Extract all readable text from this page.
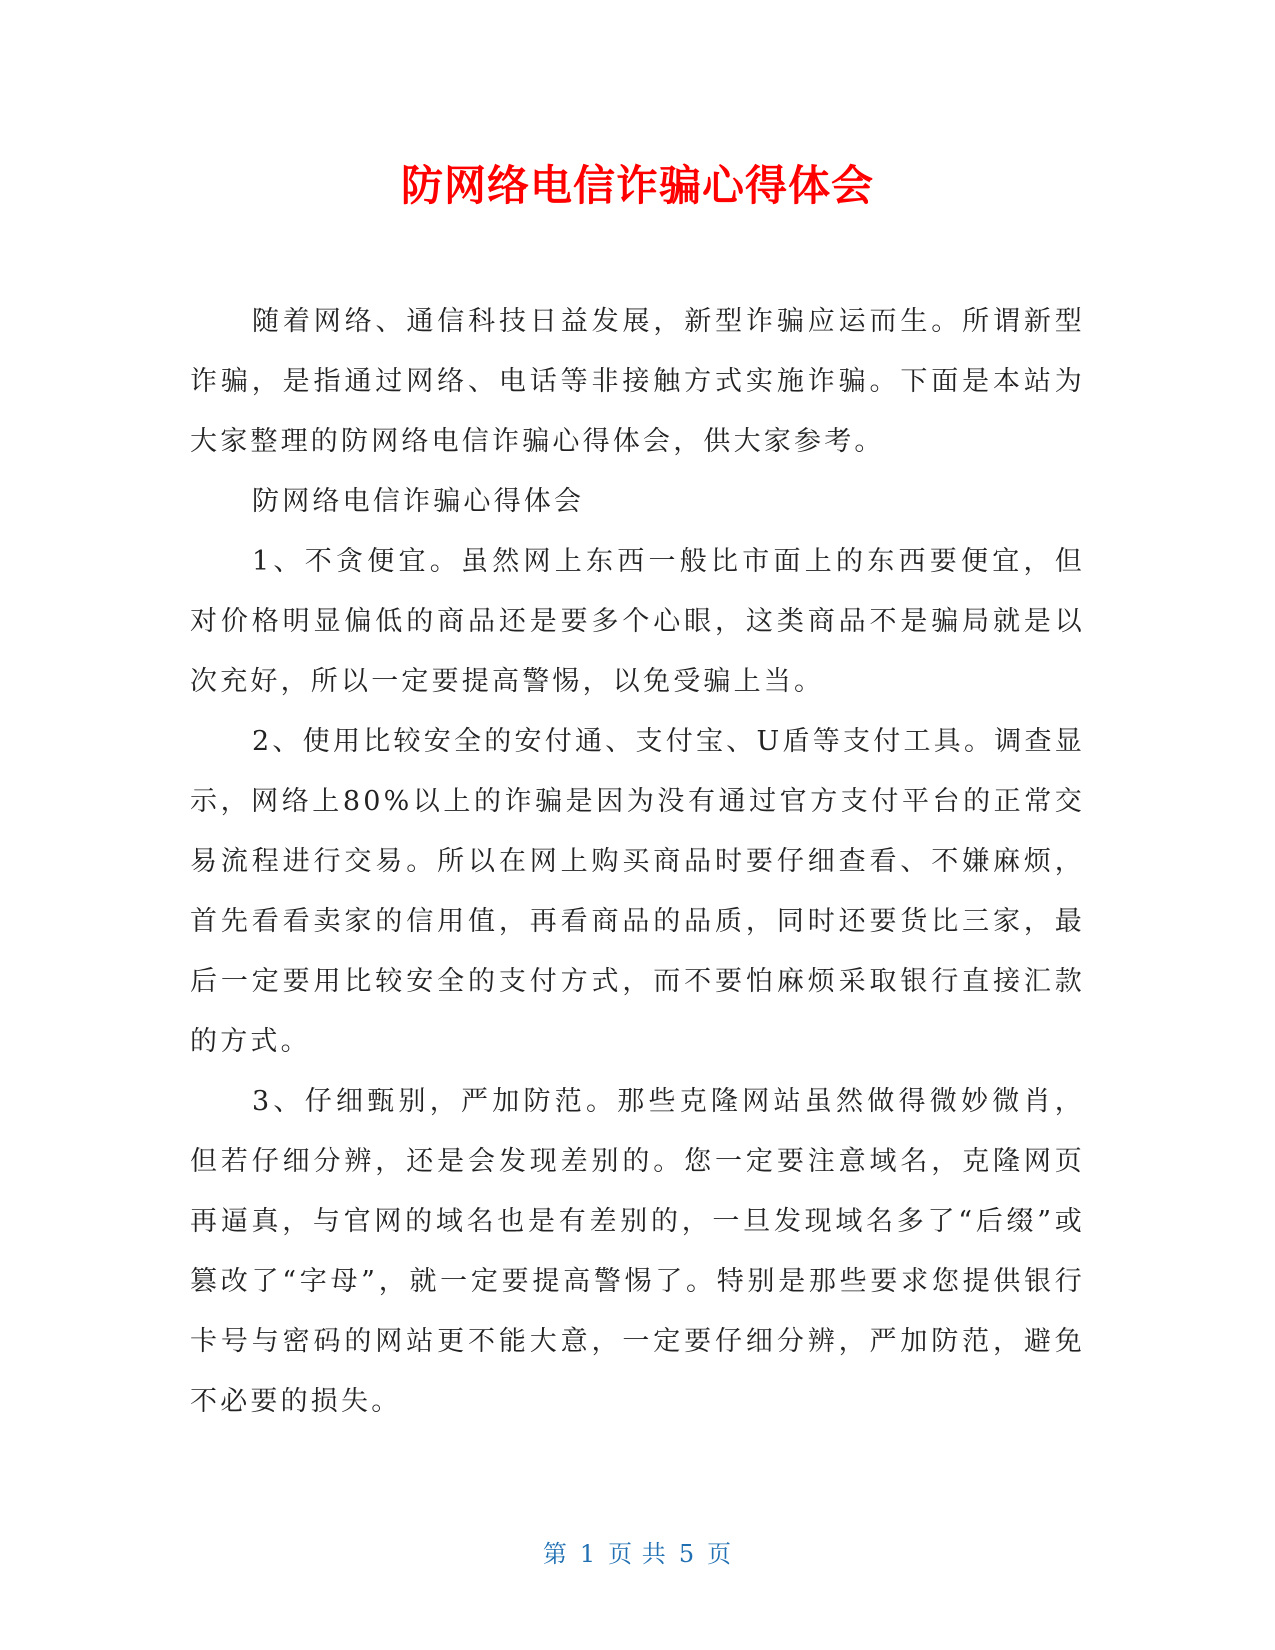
防网络电信诈骗心得体会

随着网络、通信科技日益发展，新型诈骗应运而生。所谓新型诈骗，是指通过网络、电话等非接触方式实施诈骗。下面是本站为大家整理的防网络电信诈骗心得体会，供大家参考。

防网络电信诈骗心得体会

1、不贪便宜。虽然网上东西一般比市面上的东西要便宜，但对价格明显偏低的商品还是要多个心眼，这类商品不是骗局就是以次充好，所以一定要提高警惕，以免受骗上当。

2、使用比较安全的安付通、支付宝、U盾等支付工具。调查显示，网络上80%以上的诈骗是因为没有通过官方支付平台的正常交易流程进行交易。所以在网上购买商品时要仔细查看、不嫌麻烦，首先看看卖家的信用值，再看商品的品质，同时还要货比三家，最后一定要用比较安全的支付方式，而不要怕麻烦采取银行直接汇款的方式。

3、仔细甄别，严加防范。那些克隆网站虽然做得微妙微肖，但若仔细分辨，还是会发现差别的。您一定要注意域名，克隆网页再逼真，与官网的域名也是有差别的，一旦发现域名多了“后缀”或篡改了“字母”，就一定要提高警惕了。特别是那些要求您提供银行卡号与密码的网站更不能大意，一定要仔细分辨，严加防范，避免不必要的损失。

第 1 页 共 5 页
